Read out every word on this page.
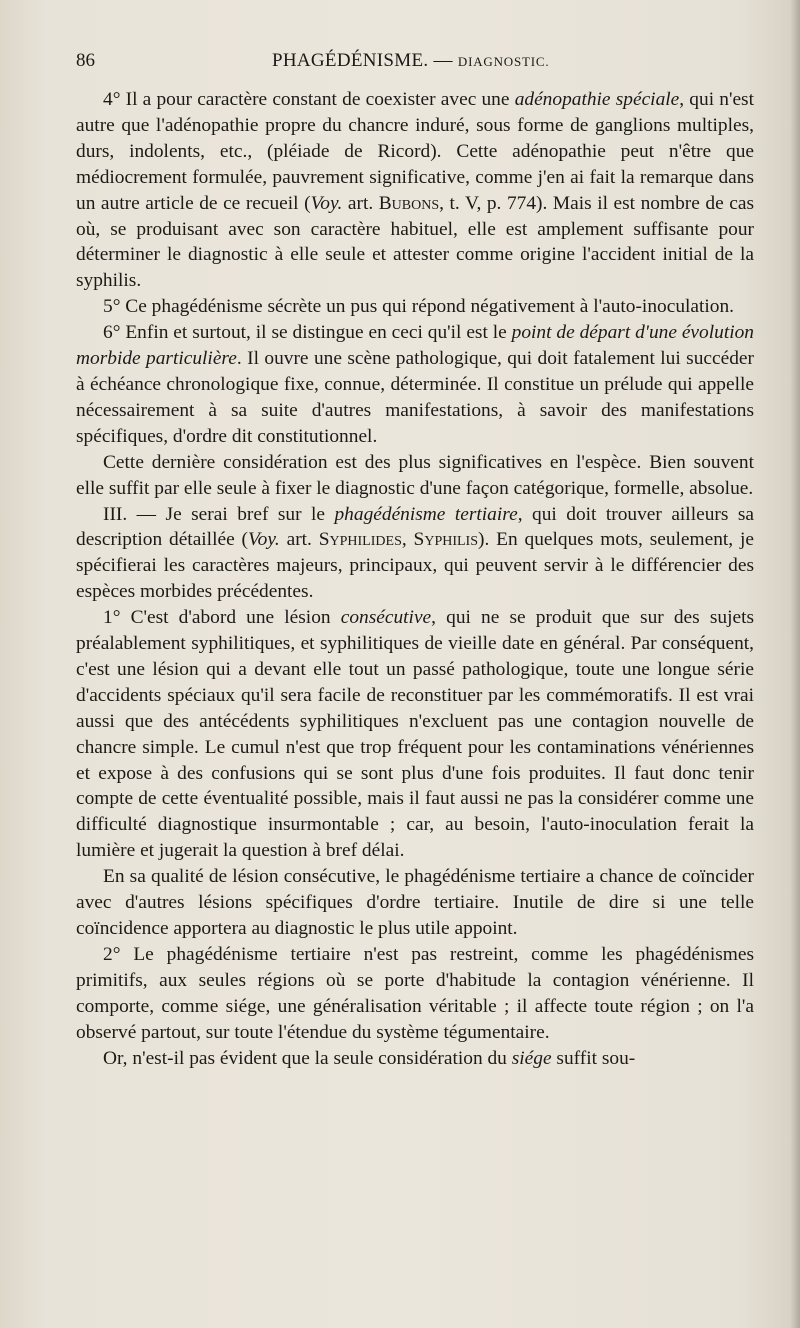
86	PHAGÉDÉNISME. — DIAGNOSTIC.

4° Il a pour caractère constant de coexister avec une adénopathie spéciale, qui n'est autre que l'adénopathie propre du chancre induré, sous forme de ganglions multiples, durs, indolents, etc., (pléiade de Ricord). Cette adénopathie peut n'être que médiocrement formulée, pauvrement significative, comme j'en ai fait la remarque dans un autre article de ce recueil (Voy. art. Bubons, t. V, p. 774). Mais il est nombre de cas où, se produisant avec son caractère habituel, elle est amplement suffisante pour déterminer le diagnostic à elle seule et attester comme origine l'accident initial de la syphilis.

5° Ce phagédénisme sécrète un pus qui répond négativement à l'auto-inoculation.

6° Enfin et surtout, il se distingue en ceci qu'il est le point de départ d'une évolution morbide particulière. Il ouvre une scène pathologique, qui doit fatalement lui succéder à échéance chronologique fixe, connue, déterminée. Il constitue un prélude qui appelle nécessairement à sa suite d'autres manifestations, à savoir des manifestations spécifiques, d'ordre dit constitutionnel.

Cette dernière considération est des plus significatives en l'espèce. Bien souvent elle suffit par elle seule à fixer le diagnostic d'une façon catégorique, formelle, absolue.

III. — Je serai bref sur le phagédénisme tertiaire, qui doit trouver ailleurs sa description détaillée (Voy. art. Syphilides, Syphilis). En quelques mots, seulement, je spécifierai les caractères majeurs, principaux, qui peuvent servir à le différencier des espèces morbides précédentes.

1° C'est d'abord une lésion consécutive, qui ne se produit que sur des sujets préalablement syphilitiques, et syphilitiques de vieille date en général. Par conséquent, c'est une lésion qui a devant elle tout un passé pathologique, toute une longue série d'accidents spéciaux qu'il sera facile de reconstituer par les commémoratifs. Il est vrai aussi que des antécédents syphilitiques n'excluent pas une contagion nouvelle de chancre simple. Le cumul n'est que trop fréquent pour les contaminations vénériennes et expose à des confusions qui se sont plus d'une fois produites. Il faut donc tenir compte de cette éventualité possible, mais il faut aussi ne pas la considérer comme une difficulté diagnostique insurmontable ; car, au besoin, l'auto-inoculation ferait la lumière et jugerait la question à bref délai.

En sa qualité de lésion consécutive, le phagédénisme tertiaire a chance de coïncider avec d'autres lésions spécifiques d'ordre tertiaire. Inutile de dire si une telle coïncidence apportera au diagnostic le plus utile appoint.

2° Le phagédénisme tertiaire n'est pas restreint, comme les phagédénismes primitifs, aux seules régions où se porte d'habitude la contagion vénérienne. Il comporte, comme siége, une généralisation véritable ; il affecte toute région ; on l'a observé partout, sur toute l'étendue du système tégumentaire.

Or, n'est-il pas évident que la seule considération du siége suffit sou-
